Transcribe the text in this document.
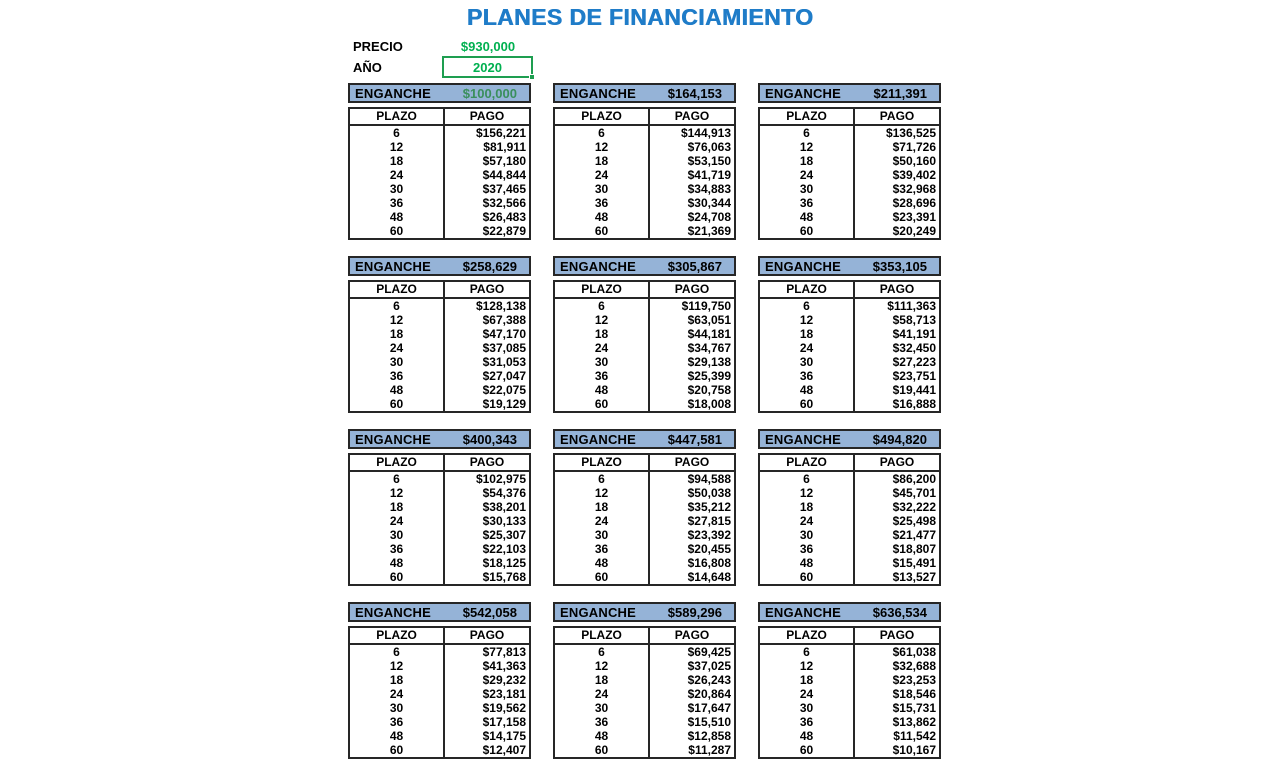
PLANES DE FINANCIAMIENTO
PRECIO	$930,000
AÑO	2020
ENGANCHE $100,000
PLAZO	PAGO
6	$156,221
12	$81,911
18	$57,180
24	$44,844
30	$37,465
36	$32,566
48	$26,483
60	$22,879
ENGANCHE $164,153
PLAZO	PAGO
6	$144,913
12	$76,063
18	$53,150
24	$41,719
30	$34,883
36	$30,344
48	$24,708
60	$21,369
ENGANCHE $211,391
PLAZO	PAGO
6	$136,525
12	$71,726
18	$50,160
24	$39,402
30	$32,968
36	$28,696
48	$23,391
60	$20,249
ENGANCHE $258,629
PLAZO	PAGO
6	$128,138
12	$67,388
18	$47,170
24	$37,085
30	$31,053
36	$27,047
48	$22,075
60	$19,129
ENGANCHE $305,867
PLAZO	PAGO
6	$119,750
12	$63,051
18	$44,181
24	$34,767
30	$29,138
36	$25,399
48	$20,758
60	$18,008
ENGANCHE $353,105
PLAZO	PAGO
6	$111,363
12	$58,713
18	$41,191
24	$32,450
30	$27,223
36	$23,751
48	$19,441
60	$16,888
ENGANCHE $400,343
PLAZO	PAGO
6	$102,975
12	$54,376
18	$38,201
24	$30,133
30	$25,307
36	$22,103
48	$18,125
60	$15,768
ENGANCHE $447,581
PLAZO	PAGO
6	$94,588
12	$50,038
18	$35,212
24	$27,815
30	$23,392
36	$20,455
48	$16,808
60	$14,648
ENGANCHE $494,820
PLAZO	PAGO
6	$86,200
12	$45,701
18	$32,222
24	$25,498
30	$21,477
36	$18,807
48	$15,491
60	$13,527
ENGANCHE $542,058
PLAZO	PAGO
6	$77,813
12	$41,363
18	$29,232
24	$23,181
30	$19,562
36	$17,158
48	$14,175
60	$12,407
ENGANCHE $589,296
PLAZO	PAGO
6	$69,425
12	$37,025
18	$26,243
24	$20,864
30	$17,647
36	$15,510
48	$12,858
60	$11,287
ENGANCHE $636,534
PLAZO	PAGO
6	$61,038
12	$32,688
18	$23,253
24	$18,546
30	$15,731
36	$13,862
48	$11,542
60	$10,167
